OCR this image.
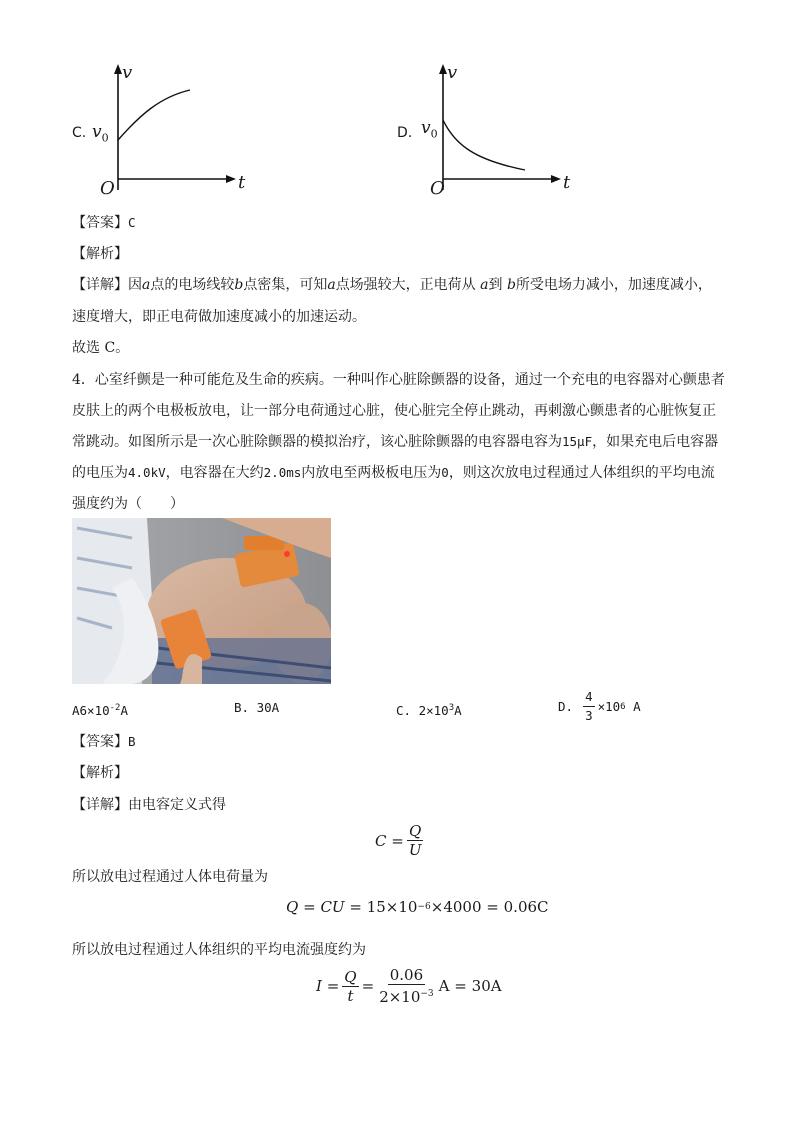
C.
v
t
O
$v_0$	D.
v
t
O
$v_0$
【答案】C
【解析】
【详解】因a点的电场线较b点密集，可知a点场强较大，正电荷从 a到 b所受电场力减小，加速度减小，
速度增大，即正电荷做加速度减小的加速运动。
故选 C。
4．心室纤颤是一种可能危及生命的疾病。一种叫作心脏除颤器的设备，通过一个充电的电容器对心颤患者
皮肤上的两个电极板放电，让一部分电荷通过心脏，使心脏完全停止跳动，再刺激心颤患者的心脏恢复正
常跳动。如图所示是一次心脏除颤器的模拟治疗，该心脏除颤器的电容器电容为15μF，如果充电后电容器
的电压为4.0kV，电容器在大约2.0ms内放电至两极板电压为0，则这次放电过程通过人体组织的平均电流
强度约为（　　）
$A6\times 10^{-2}A$	B. 30A	C. $2\times 10^3A$	D. $\frac{4}{3} \times 10$ 6
A
【答案】B
【解析】
【详解】由电容定义式得
C
= $\frac{Q}{U}$
所以放电过程通过人体电荷量为
Q
=
CU
=
15×10 −6 ×4000
=
0.06C
所以放电过程通过人体组织的平均电流强度约为
I
= $\frac{Q}{t} = \frac{0.06}{2\times 10^{-3}}$ A
=
30A
